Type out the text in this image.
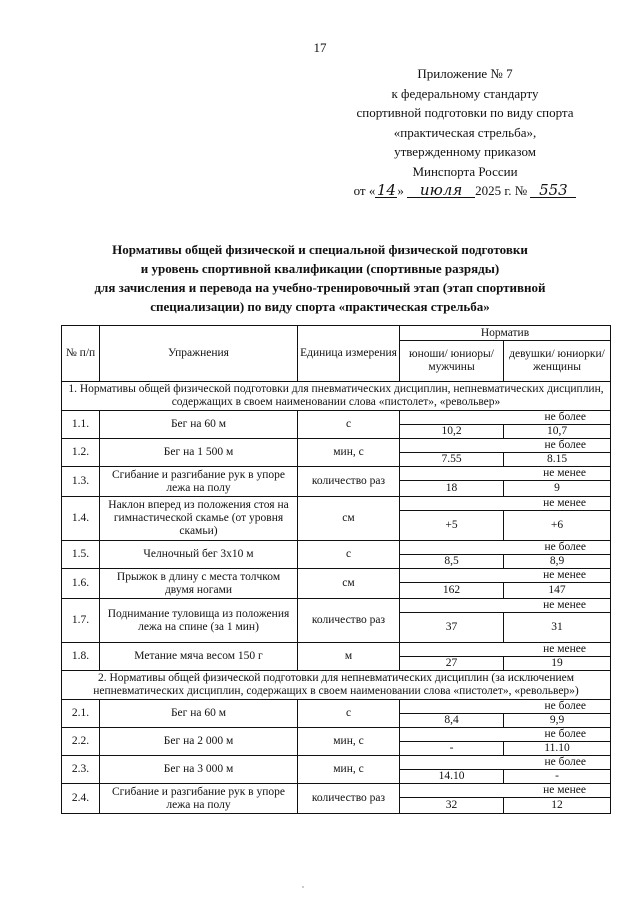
17
Приложение № 7
к федеральному стандарту
спортивной подготовки по виду спорта
«практическая стрельба»,
утвержденному приказом
Минспорта России
от «14» июля 2025 г. № 553
Нормативы общей физической и специальной физической подготовки
и уровень спортивной квалификации (спортивные разряды)
для зачисления и перевода на учебно-тренировочный этап (этап спортивной
специализации) по виду спорта «практическая стрельба»
№ п/п	Упражнения	Единица измерения	Норматив	
			юноши/ юниоры/ мужчины	девушки/ юниорки/ женщины
1. Нормативы общей физической подготовки для пневматических дисциплин, непневматических дисциплин, содержащих в своем наименовании слова «пистолет», «револьвер»				
1.1.	Бег на 60 м	с	не более	
			10,2	10,7
1.2.	Бег на 1 500 м	мин, с	не более	
			7.55	8.15
1.3.	Сгибание и разгибание рук в упоре лежа на полу	количество раз	не менее	
			18	9
1.4.	Наклон вперед из положения стоя на гимнастической скамье (от уровня скамьи)	см	не менее	
			+5	+6
1.5.	Челночный бег 3х10 м	с	не более	
			8,5	8,9
1.6.	Прыжок в длину с места толчком двумя ногами	см	не менее	
			162	147
1.7.	Поднимание туловища из положения лежа на спине (за 1 мин)	количество раз	не менее	
			37	31
1.8.	Метание мяча весом 150 г	м	не менее	
			27	19
2. Нормативы общей физической подготовки для непневматических дисциплин (за исключением непневматических дисциплин, содержащих в своем наименовании слова «пистолет», «револьвер»)				
2.1.	Бег на 60 м	с	не более	
			8,4	9,9
2.2.	Бег на 2 000 м	мин, с	не более	
			-	11.10
2.3.	Бег на 3 000 м	мин, с	не более	
			14.10	-
2.4.	Сгибание и разгибание рук в упоре лежа на полу	количество раз	не менее	
			32	12
